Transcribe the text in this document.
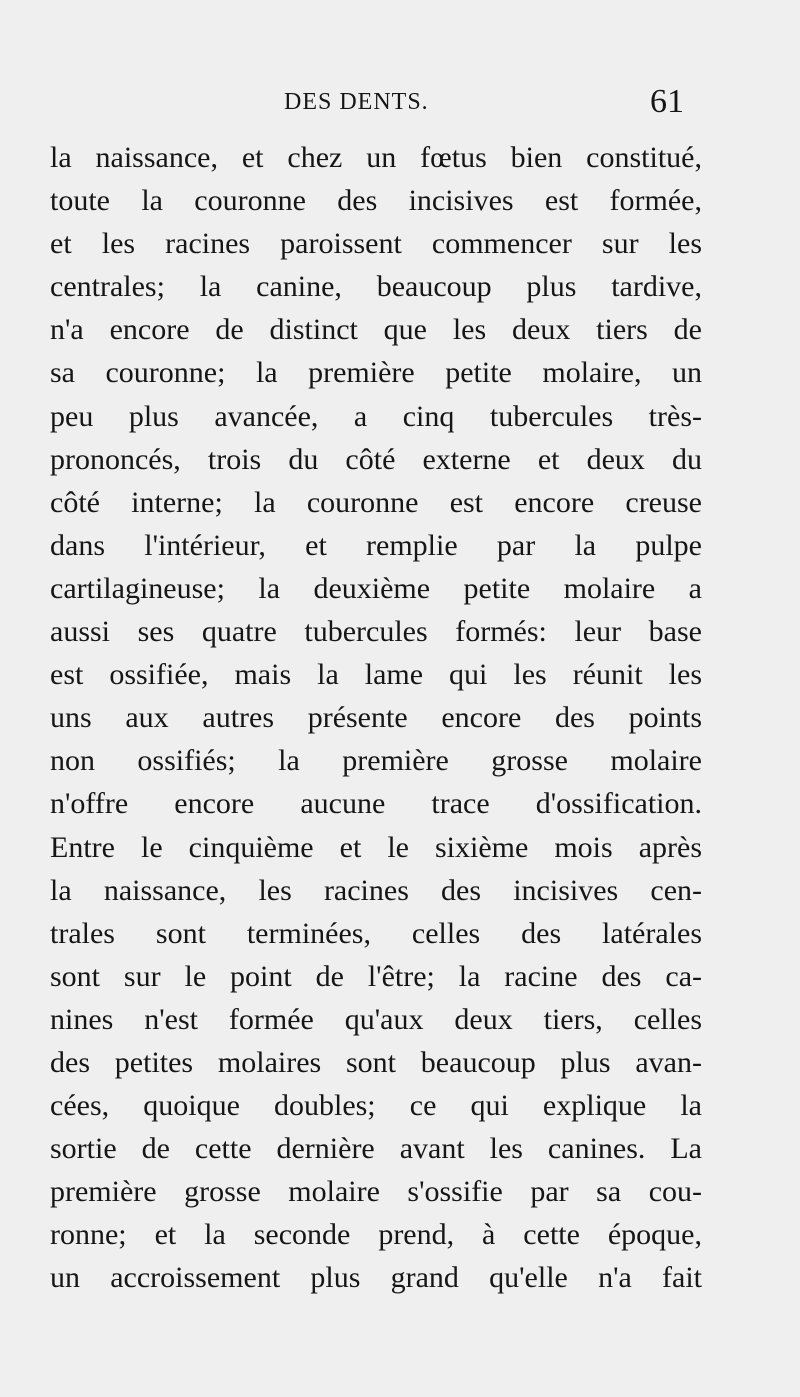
DES DENTS.	61
la naissance, et chez un fœtus bien constitué,
toute la couronne des incisives est formée,
et les racines paroissent commencer sur les
centrales; la canine, beaucoup plus tardive,
n'a encore de distinct que les deux tiers de
sa couronne; la première petite molaire, un
peu plus avancée, a cinq tubercules très-
prononcés, trois du côté externe et deux du
côté interne; la couronne est encore creuse
dans l'intérieur, et remplie par la pulpe
cartilagineuse; la deuxième petite molaire a
aussi ses quatre tubercules formés: leur base
est ossifiée, mais la lame qui les réunit les
uns aux autres présente encore des points
non ossifiés; la première grosse molaire
n'offre encore aucune trace d'ossification.
Entre le cinquième et le sixième mois après
la naissance, les racines des incisives cen-
trales sont terminées, celles des latérales
sont sur le point de l'être; la racine des ca-
nines n'est formée qu'aux deux tiers, celles
des petites molaires sont beaucoup plus avan-
cées, quoique doubles; ce qui explique la
sortie de cette dernière avant les canines. La
première grosse molaire s'ossifie par sa cou-
ronne; et la seconde prend, à cette époque,
un accroissement plus grand qu'elle n'a fait
